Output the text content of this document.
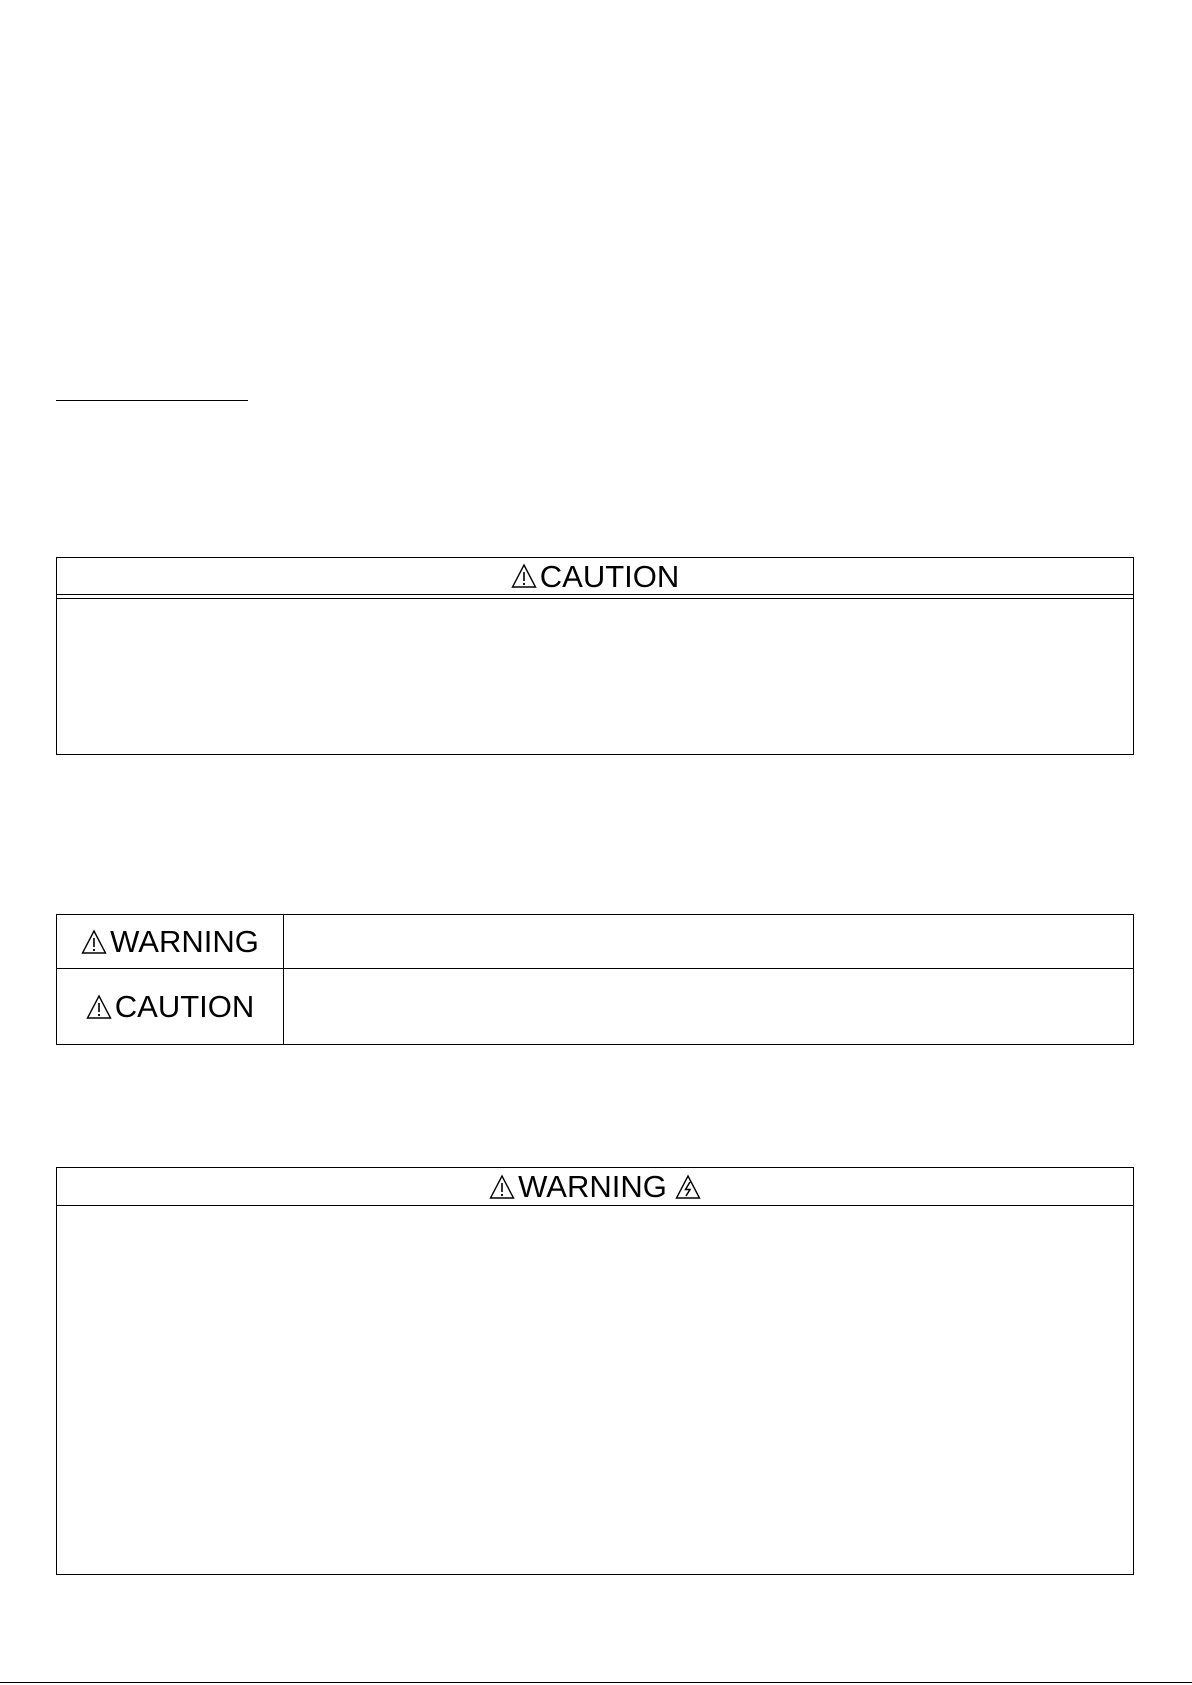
CAUTION
WARNING
CAUTION
WARNING
